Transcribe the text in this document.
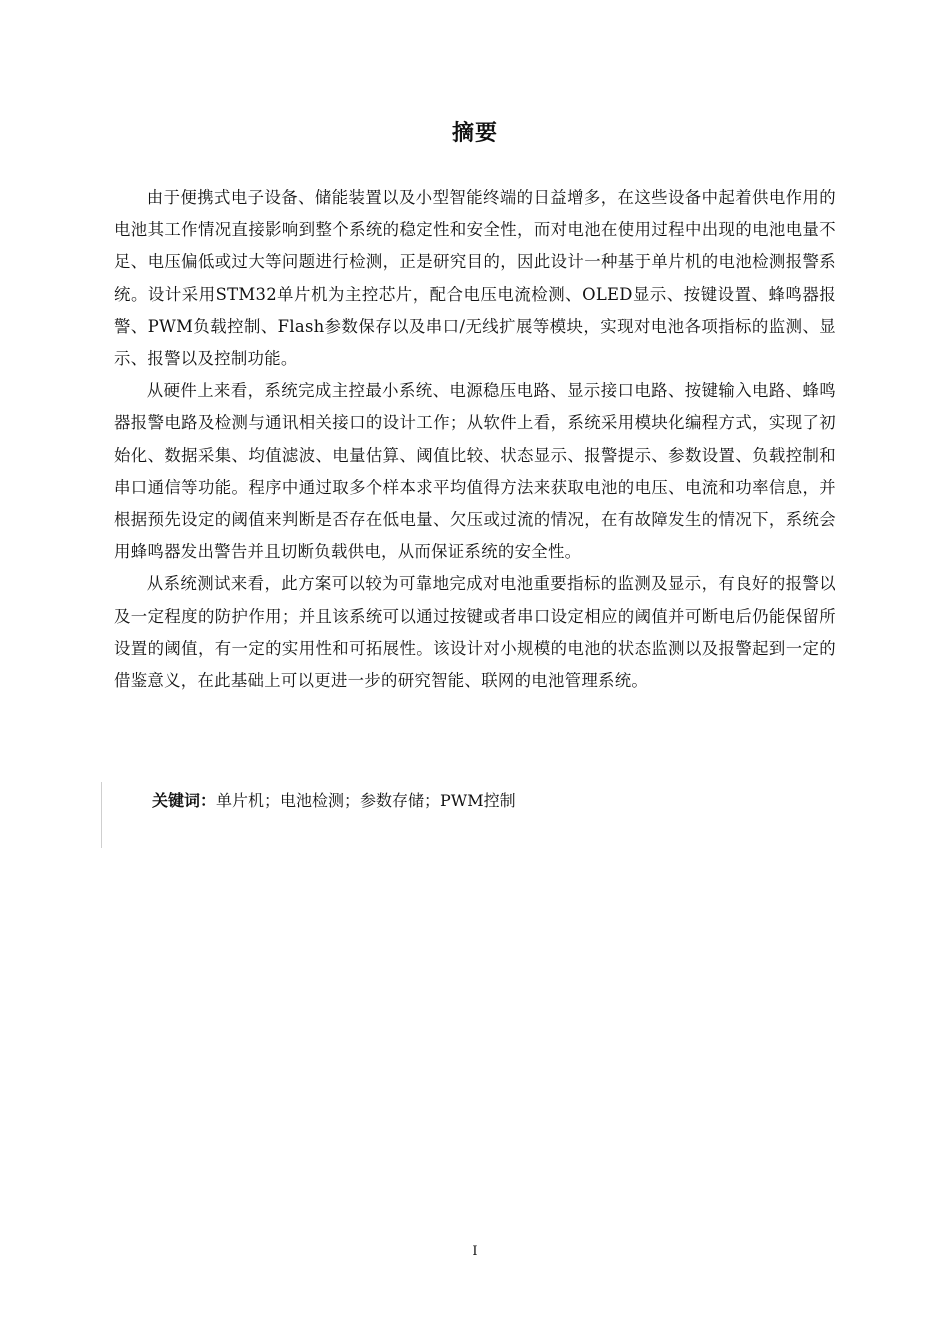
摘要

由于便携式电子设备、储能装置以及小型智能终端的日益增多，在这些设备中起着供电作用的电池其工作情况直接影响到整个系统的稳定性和安全性，而对电池在使用过程中出现的电池电量不足、电压偏低或过大等问题进行检测，正是研究目的，因此设计一种基于单片机的电池检测报警系统。设计采用STM32单片机为主控芯片，配合电压电流检测、OLED显示、按键设置、蜂鸣器报警、PWM负载控制、Flash参数保存以及串口/无线扩展等模块，实现对电池各项指标的监测、显示、报警以及控制功能。

从硬件上来看，系统完成主控最小系统、电源稳压电路、显示接口电路、按键输入电路、蜂鸣器报警电路及检测与通讯相关接口的设计工作；从软件上看，系统采用模块化编程方式，实现了初始化、数据采集、均值滤波、电量估算、阈值比较、状态显示、报警提示、参数设置、负载控制和串口通信等功能。程序中通过取多个样本求平均值得方法来获取电池的电压、电流和功率信息，并根据预先设定的阈值来判断是否存在低电量、欠压或过流的情况，在有故障发生的情况下，系统会用蜂鸣器发出警告并且切断负载供电，从而保证系统的安全性。

从系统测试来看，此方案可以较为可靠地完成对电池重要指标的监测及显示，有良好的报警以及一定程度的防护作用；并且该系统可以通过按键或者串口设定相应的阈值并可断电后仍能保留所设置的阈值，有一定的实用性和可拓展性。该设计对小规模的电池的状态监测以及报警起到一定的借鉴意义，在此基础上可以更进一步的研究智能、联网的电池管理系统。

关键词：单片机；电池检测；参数存储；PWM控制
I
